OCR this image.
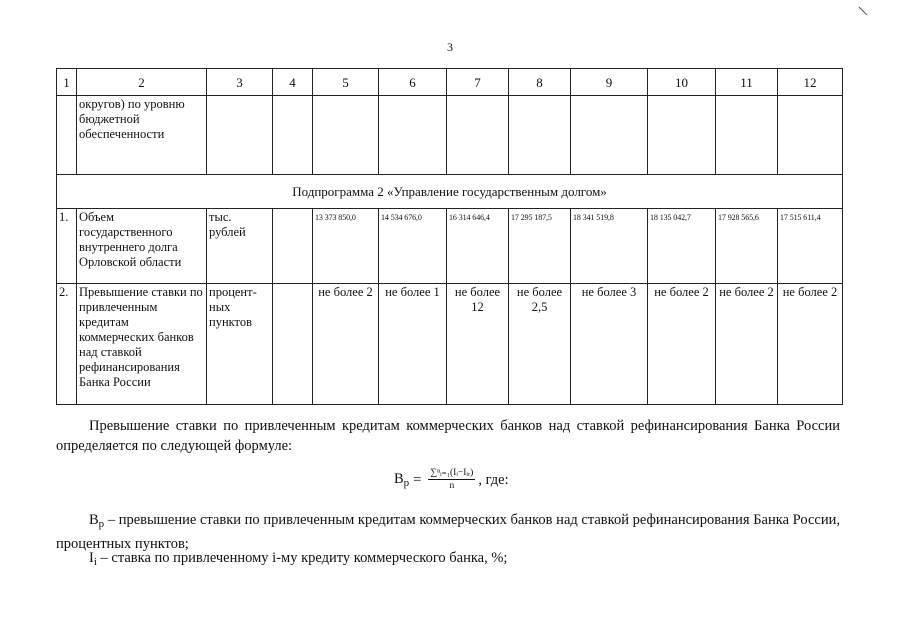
3
1	2	3	4	5	6	7	8	9	10	11	12
	округов) по уровню бюджетной обеспеченности										
Подпрограмма 2 «Управление государственным долгом»											
1.	Объем государственного внутреннего долга Орловской области	тыс. рублей		13 373 850,0	14 534 676,0	16 314 646,4	17 295 187,5	18 341 519,8	18 135 042,7	17 928 565,6	17 515 611,4
2.	Превышение ставки по привлеченным кредитам коммерческих банков над ставкой рефинансирования Банка России	процент-ных пунктов		не более 2	не более 1	не более 12	не более 2,5	не более 3	не более 2	не более 2	не более 2
Превышение ставки по привлеченным кредитам коммерческих банков над ставкой рефинансирования Банка России определяется по следующей формуле:
$B_p = \frac{\text{∑ⁿᵢ₌₁(Iᵢ−Iᵢᵣ)}}{n}$ , где:
$B_p$ – превышение ставки по привлеченным кредитам коммерческих банков над ставкой рефинансирования Банка России, процентных пунктов;
$I_i$ – ставка по привлеченному i-му кредиту коммерческого банка, %;
